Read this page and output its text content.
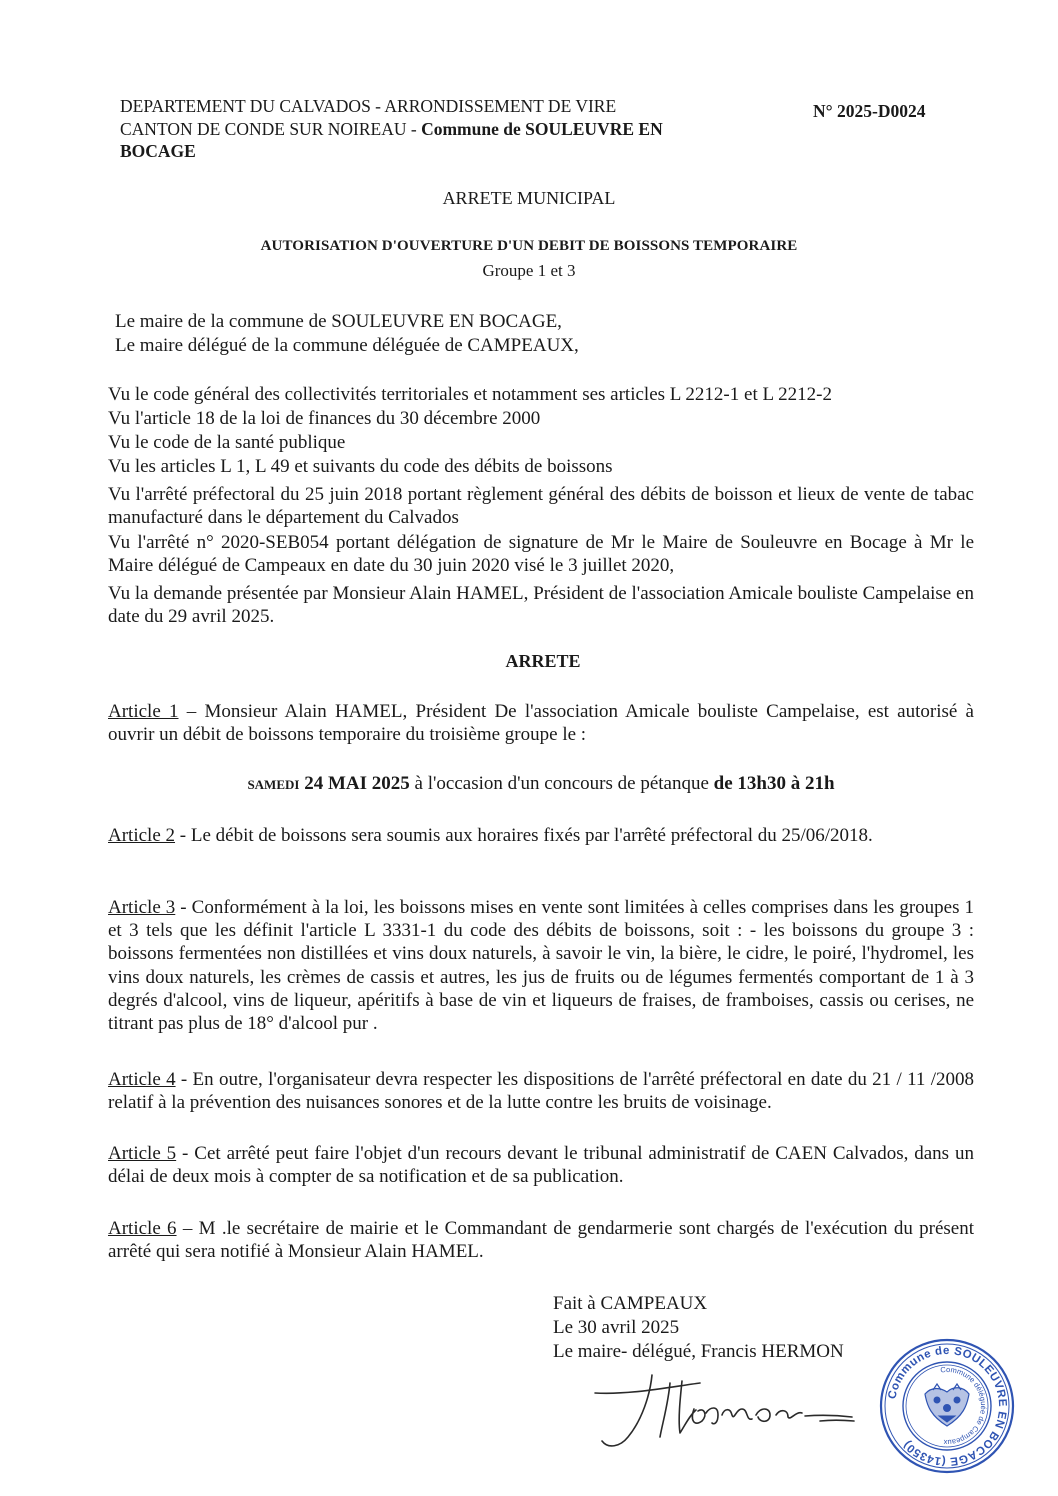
DEPARTEMENT DU CALVADOS - ARRONDISSEMENT DE VIRE
CANTON DE CONDE SUR NOIREAU - Commune de SOULEUVRE EN
BOCAGE
N° 2025-D0024
ARRETE MUNICIPAL
AUTORISATION D'OUVERTURE D'UN DEBIT DE BOISSONS TEMPORAIRE
Groupe 1 et 3
Le maire de la commune de SOULEUVRE EN BOCAGE,
Le maire délégué de la commune déléguée de CAMPEAUX,
Vu le code général des collectivités territoriales et notamment ses articles L 2212-1 et L 2212-2
Vu l'article 18 de la loi de finances du 30 décembre 2000
Vu le code de la santé publique
Vu les articles L 1, L 49 et suivants du code des débits de boissons
Vu l'arrêté préfectoral du 25 juin 2018 portant règlement général des débits de boisson et lieux de vente de tabac manufacturé dans le département du Calvados
Vu l'arrêté n° 2020-SEB054 portant délégation de signature de Mr le Maire de Souleuvre en Bocage à Mr le Maire délégué de Campeaux en date du 30 juin 2020 visé le 3 juillet 2020,
Vu la demande présentée par Monsieur Alain HAMEL, Président de l'association Amicale bouliste Campelaise en date du 29 avril 2025.
ARRETE
Article 1 – Monsieur Alain HAMEL, Président De l'association Amicale bouliste Campelaise, est autorisé à ouvrir un débit de boissons temporaire du troisième groupe le :
SAMEDI 24 MAI 2025 à l'occasion d'un concours de pétanque de 13h30 à 21h
Article 2 - Le débit de boissons sera soumis aux horaires fixés par l'arrêté préfectoral du 25/06/2018.
Article 3 - Conformément à la loi, les boissons mises en vente sont limitées à celles comprises dans les groupes 1 et 3 tels que les définit l'article L 3331-1 du code des débits de boissons, soit : - les boissons du groupe 3 : boissons fermentées non distillées et vins doux naturels, à savoir le vin, la bière, le cidre, le poiré, l'hydromel, les vins doux naturels, les crèmes de cassis et autres, les jus de fruits ou de légumes fermentés comportant de 1 à 3 degrés d'alcool, vins de liqueur, apéritifs à base de vin et liqueurs de fraises, de framboises, cassis ou cerises, ne titrant pas plus de 18° d'alcool pur .
Article 4 - En outre, l'organisateur devra respecter les dispositions de l'arrêté préfectoral en date du 21 / 11 /2008 relatif à la prévention des nuisances sonores et de la lutte contre les bruits de voisinage.
Article 5 - Cet arrêté peut faire l'objet d'un recours devant le tribunal administratif de CAEN Calvados, dans un délai de deux mois à compter de sa notification et de sa publication.
Article 6 – M .le secrétaire de mairie et le Commandant de gendarmerie sont chargés de l'exécution du présent arrêté qui sera notifié à Monsieur Alain HAMEL.
Fait à CAMPEAUX
Le 30 avril 2025
Le maire- délégué, Francis HERMON
Commune de SOULEUVRE EN BOCAGE (14350)
Commune déléguée de Campeaux
